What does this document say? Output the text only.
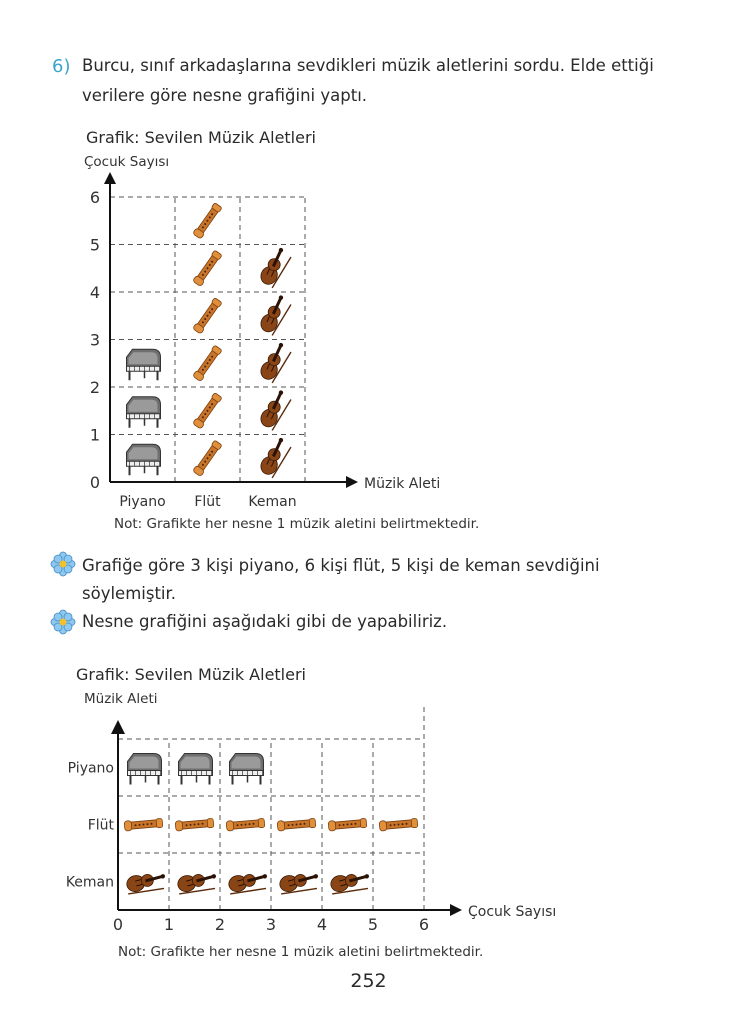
6) Burcu, sınıf arkadaşlarına sevdikleri müzik aletlerini sordu. Elde ettiği
verilere göre nesne grafiğini yaptı.
Grafik: Sevilen Müzik Aletleri
Çocuk Sayısı
0
1
2
3
4
5
6
Piyano Flüt Keman
Müzik Aleti
Not: Grafikte her nesne 1 müzik aletini belirtmektedir.
Grafiğe göre 3 kişi piyano, 6 kişi flüt, 5 kişi de keman sevdiğini
söylemiştir.
Nesne grafiğini aşağıdaki gibi de yapabiliriz.
Grafik: Sevilen Müzik Aletleri
Müzik Aleti
0	1	2	3	4	5	6
Çocuk Sayısı
Piyano
Flüt
Keman
Not: Grafikte her nesne 1 müzik aletini belirtmektedir.
252
